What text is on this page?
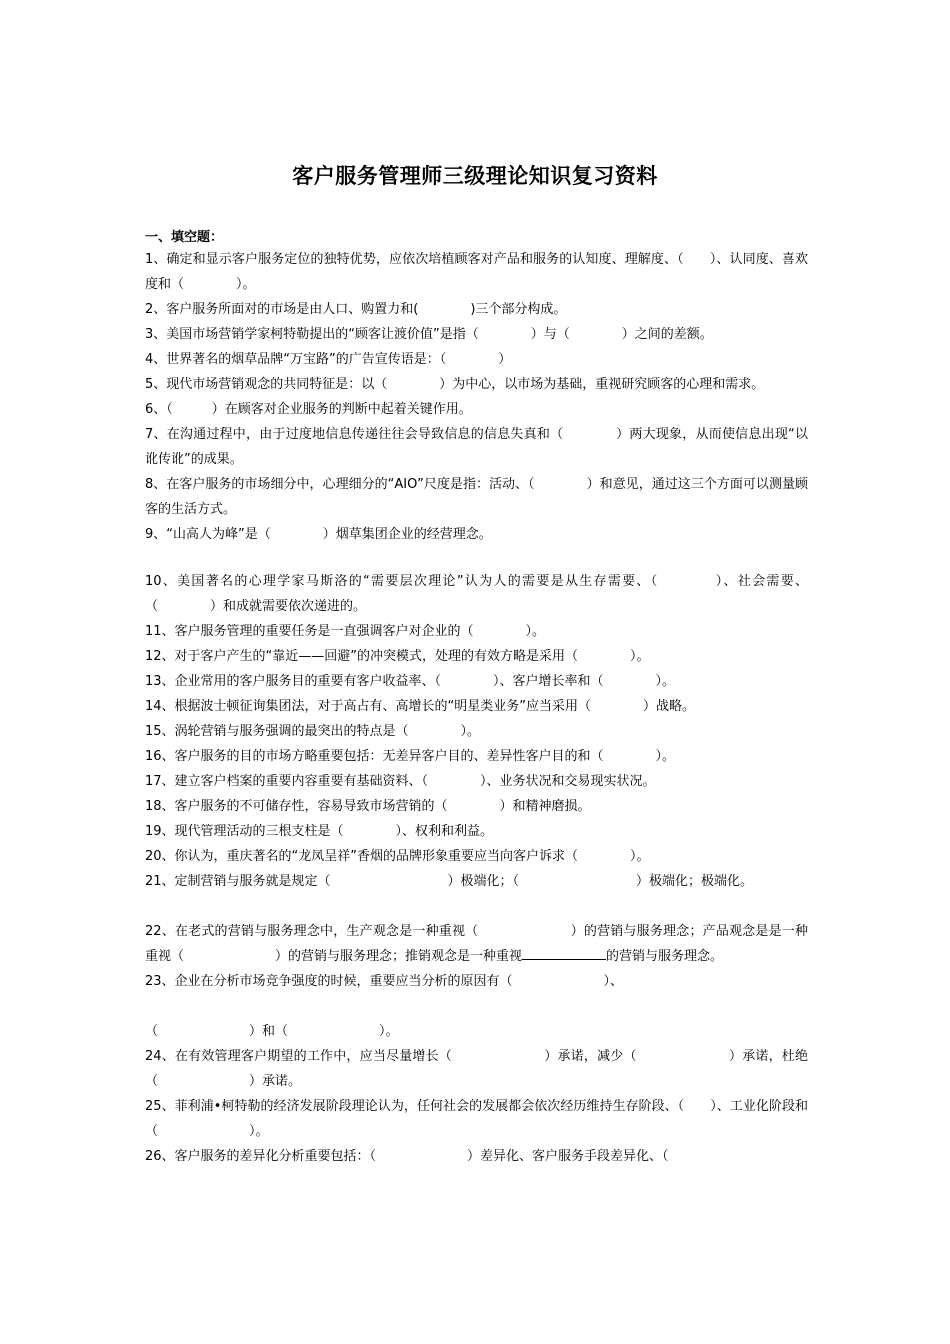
客户服务管理师三级理论知识复习资料
一、填空题：

1、确定和显示客户服务定位的独特优势，应依次培植顾客对产品和服务的认知度、理解度、（　　）、认同度、喜欢度和（　　　　）。

2、客户服务所面对的市场是由人口、购置力和(　　　　)三个部分构成。

3、美国市场营销学家柯特勒提出的“顾客让渡价值”是指（　　　　）与（　　　　）之间的差额。

4、世界著名的烟草品牌“万宝路”的广告宣传语是：（　　　　）

5、现代市场营销观念的共同特征是：以（　　　　）为中心，以市场为基础，重视研究顾客的心理和需求。

6、（　　　）在顾客对企业服务的判断中起着关键作用。

7、在沟通过程中，由于过度地信息传递往往会导致信息的信息失真和（　　　　）两大现象，从而使信息出现“以讹传讹”的成果。

8、在客户服务的市场细分中，心理细分的“AIO”尺度是指：活动、（　　　　）和意见，通过这三个方面可以测量顾客的生活方式。

9、“山高人为峰”是（　　　　）烟草集团企业的经营理念。

10、美国著名的心理学家马斯洛的“需要层次理论”认为人的需要是从生存需要、（　　　　）、社会需要、（　　　　）和成就需要依次递进的。

11、客户服务管理的重要任务是一直强调客户对企业的（　　　　）。

12、对于客户产生的“靠近——回避”的冲突模式，处理的有效方略是采用（　　　　）。

13、企业常用的客户服务目的重要有客户收益率、（　　　　）、客户增长率和（　　　　）。

14、根据波士顿征询集团法，对于高占有、高增长的“明星类业务”应当采用（　　　　）战略。

15、涡轮营销与服务强调的最突出的特点是（　　　　）。

16、客户服务的目的市场方略重要包括：无差异客户目的、差异性客户目的和（　　　　）。

17、建立客户档案的重要内容重要有基础资料、（　　　　）、业务状况和交易现实状况。

18、客户服务的不可储存性，容易导致市场营销的（　　　　）和精神磨损。

19、现代管理活动的三根支柱是（　　　　）、权利和利益。

20、你认为，重庆著名的“龙凤呈祥”香烟的品牌形象重要应当向客户诉求（　　　　）。

21、定制营销与服务就是规定（　　　　　　　　　）极端化；（　　　　　　　　　）极端化；极端化。

22、在老式的营销与服务理念中，生产观念是一种重视（　　　　　　　）的营销与服务理念；产品观念是是一种重视（　　　　　　　）的营销与服务理念；推销观念是一种重视	的营销与服务理念。

23、企业在分析市场竞争强度的时候，重要应当分析的原因有（　　　　　　　）、

（　　　　　　　）和（　　　　　　　）。

24、在有效管理客户期望的工作中，应当尽量增长（　　　　　　　）承诺，减少（　　　　　　　）承诺，杜绝（　　　　　　　）承诺。

25、菲利浦•柯特勒的经济发展阶段理论认为，任何社会的发展都会依次经历维持生存阶段、（　　）、工业化阶段和（　　　　　　　）。

26、客户服务的差异化分析重要包括：（　　　　　　　）差异化、客户服务手段差异化、（
